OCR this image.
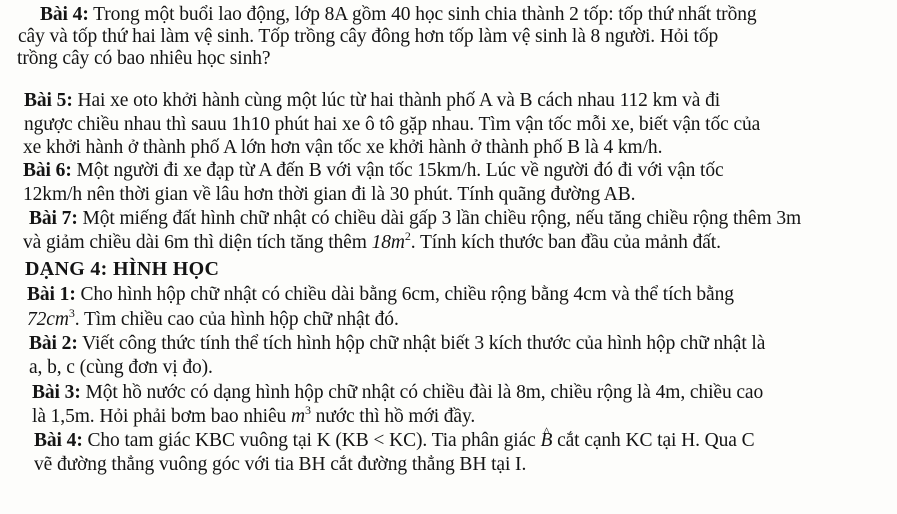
Bài 4: Trong một buổi lao động, lớp 8A gồm 40 học sinh chia thành 2 tốp: tốp thứ nhất trồng
cây và tốp thứ hai làm vệ sinh. Tốp trồng cây đông hơn tốp làm vệ sinh là 8 người. Hỏi tốp
trồng cây có bao nhiêu học sinh?
Bài 5: Hai xe oto khởi hành cùng một lúc từ hai thành phố A và B cách nhau 112 km và đi
ngược chiều nhau thì sauu 1h10 phút hai xe ô tô gặp nhau. Tìm vận tốc mỗi xe, biết vận tốc của
xe khởi hành ở thành phố A lớn hơn vận tốc xe khởi hành ở thành phố B là 4 km/h.
Bài 6: Một người đi xe đạp từ A đến B với vận tốc 15km/h. Lúc về người đó đi với vận tốc
12km/h nên thời gian về lâu hơn thời gian đi là 30 phút. Tính quãng đường AB.
Bài 7: Một miếng đất hình chữ nhật có chiều dài gấp 3 lần chiều rộng, nếu tăng chiều rộng thêm 3m
và giảm chiều dài 6m thì diện tích tăng thêm $18m^2$. Tính kích thước ban đầu của mảnh đất.
DẠNG 4: HÌNH HỌC
Bài 1: Cho hình hộp chữ nhật có chiều dài bằng 6cm, chiều rộng bằng 4cm và thể tích bằng
$72cm^3$. Tìm chiều cao của hình hộp chữ nhật đó.
Bài 2: Viết công thức tính thể tích hình hộp chữ nhật biết 3 kích thước của hình hộp chữ nhật là
a, b, c (cùng đơn vị đo).
Bài 3: Một hồ nước có dạng hình hộp chữ nhật có chiều đài là 8m, chiều rộng là 4m, chiều cao
là 1,5m. Hỏi phải bơm bao nhiêu $m^3$ nước thì hồ mới đầy.
Bài 4: Cho tam giác KBC vuông tại K (KB < KC). Tia phân giác ^ B cắt cạnh KC tại H. Qua C
vẽ đường thẳng vuông góc với tia BH cắt đường thẳng BH tại I.
